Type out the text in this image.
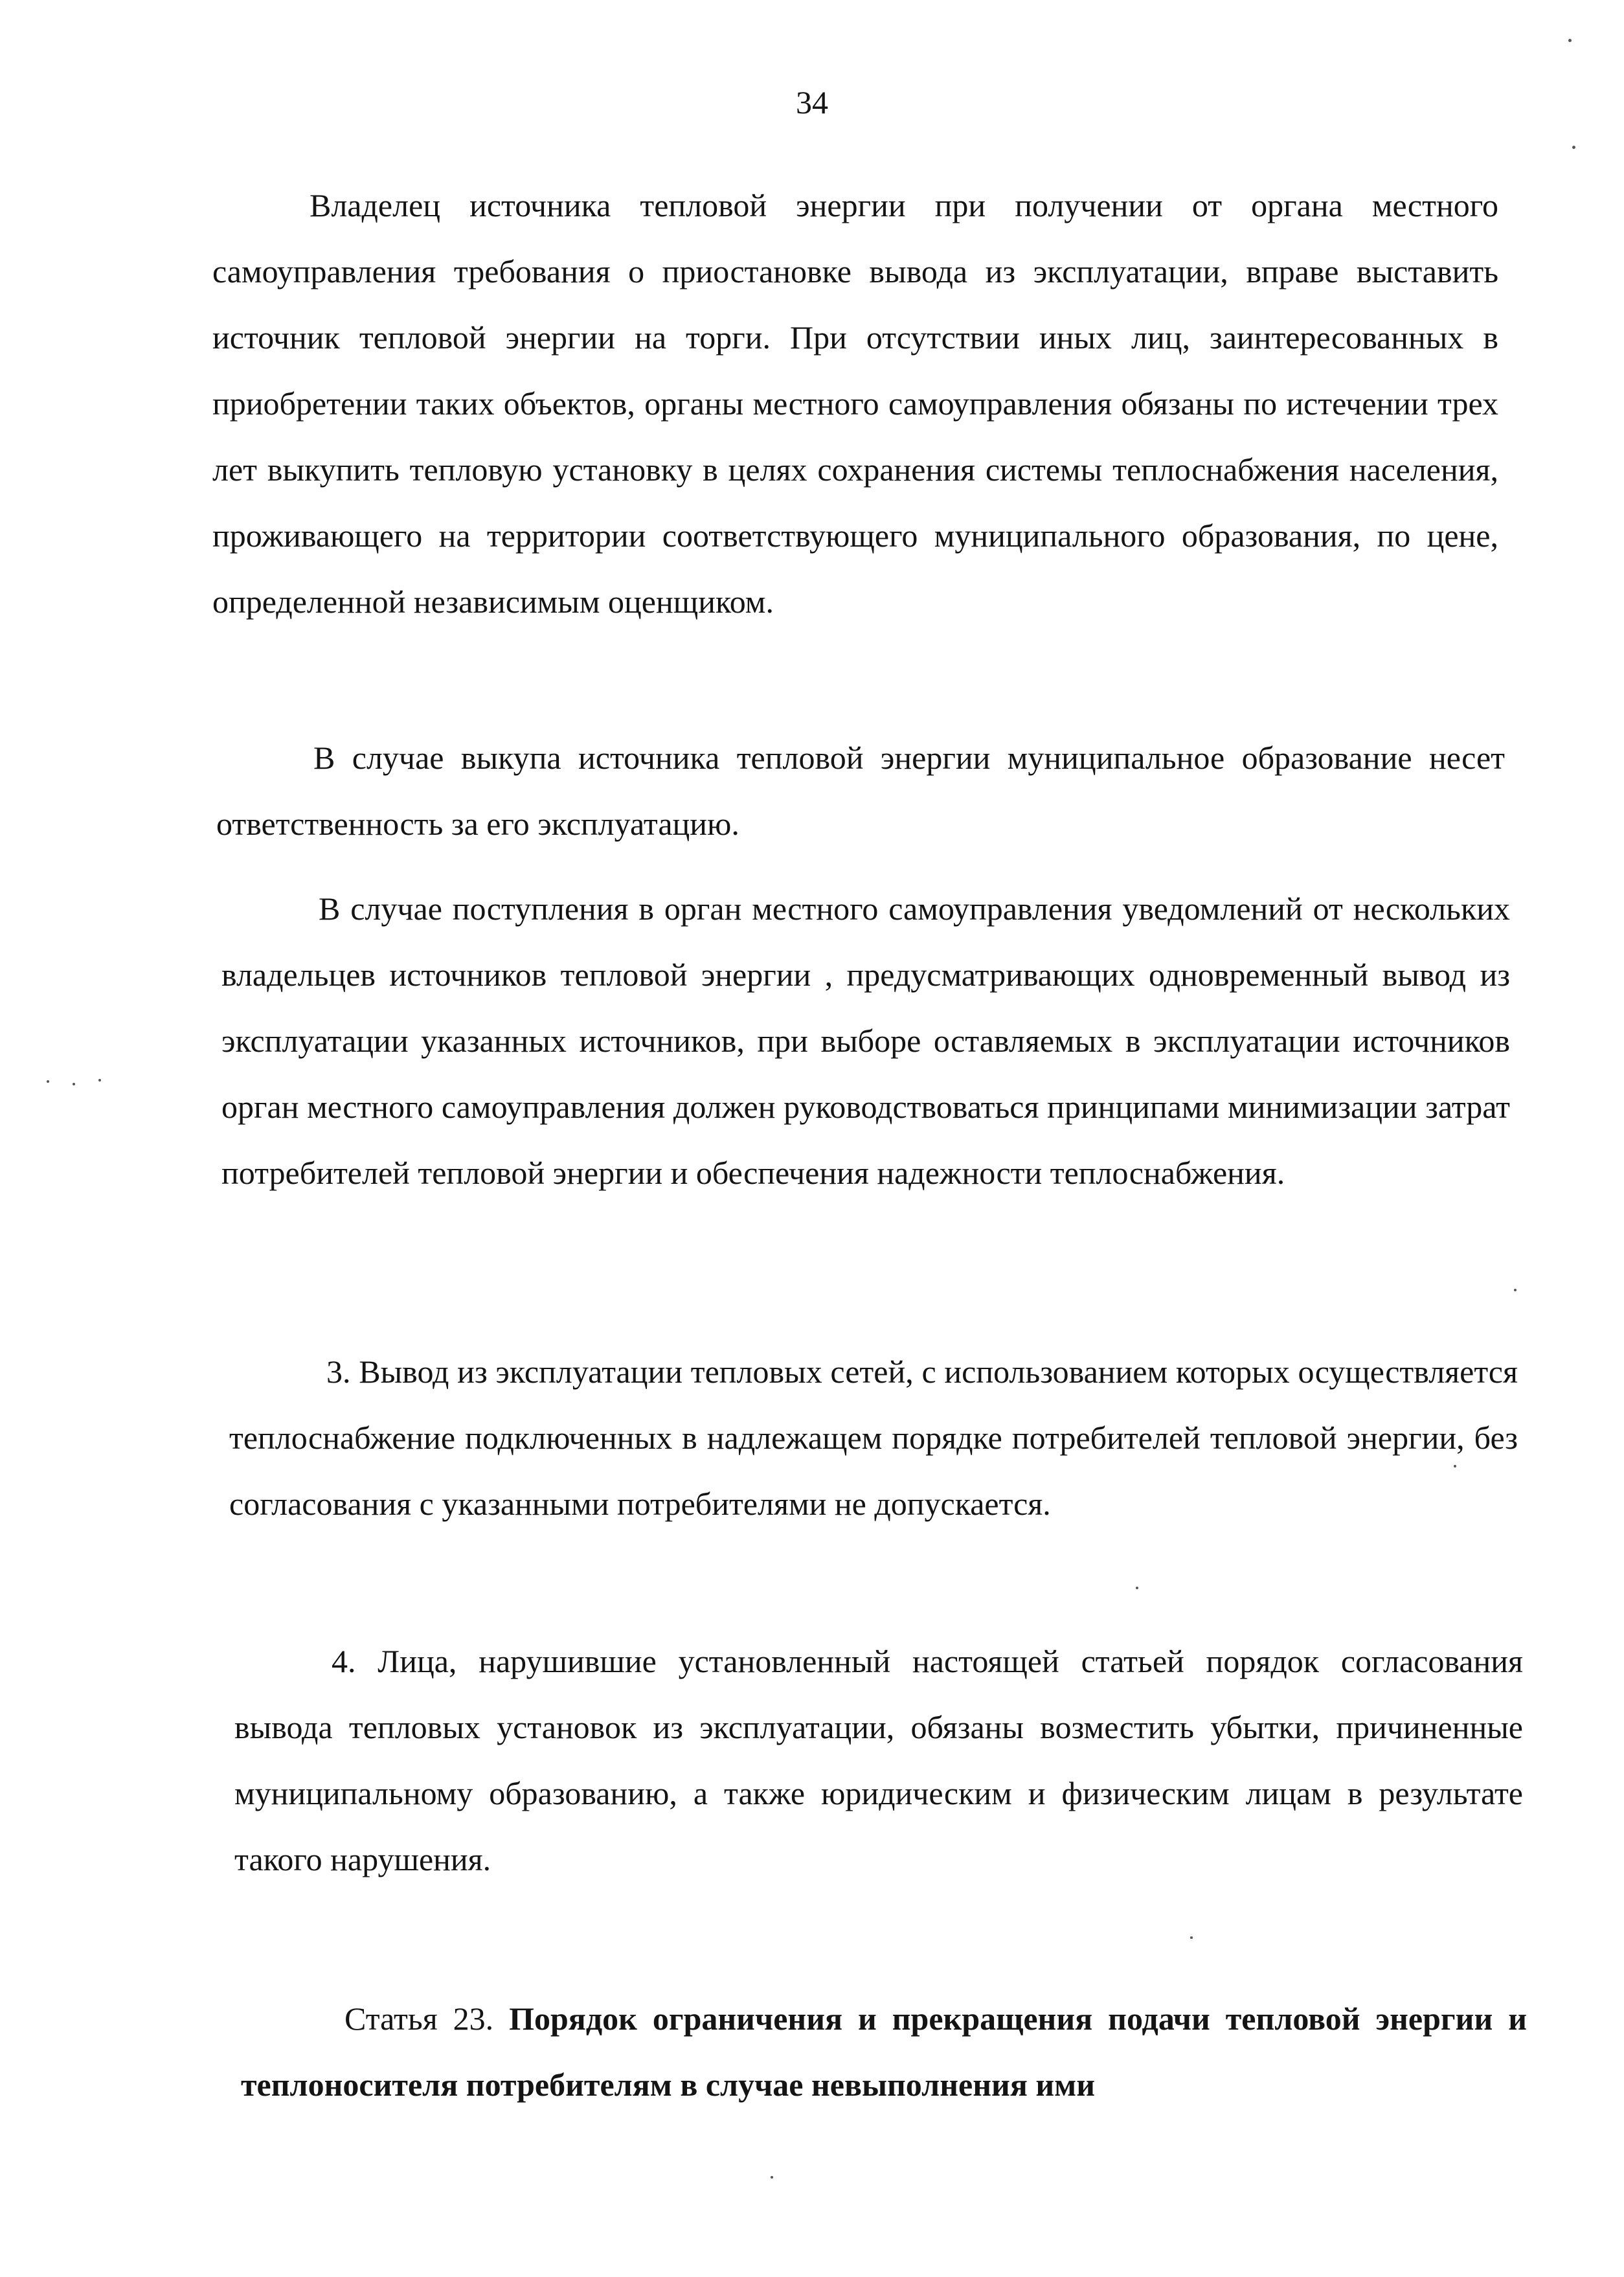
34

Владелец источника тепловой энергии при получении от органа местного самоуправления требования о приостановке вывода из эксплуатации, вправе выставить источник тепловой энергии на торги. При отсутствии иных лиц, заинтересованных в приобретении таких объектов, органы местного самоуправления обязаны по истечении трех лет выкупить тепловую установку в целях сохранения системы теплоснабжения населения, проживающего на территории соответствующего муниципального образования, по цене, определенной независимым оценщиком.

В случае выкупа источника тепловой энергии муниципальное образование несет ответственность за его эксплуатацию.

В случае поступления в орган местного самоуправления уведомлений от нескольких владельцев источников тепловой энергии , предусматривающих одновременный вывод из эксплуатации указанных источников, при выборе оставляемых в эксплуатации источников орган местного самоуправления должен руководствоваться принципами минимизации затрат потребителей тепловой энергии и обеспечения надежности теплоснабжения.

3. Вывод из эксплуатации тепловых сетей, с использованием которых осуществляется теплоснабжение подключенных в надлежащем порядке потребителей тепловой энергии, без согласования с указанными потребителями не допускается.

4. Лица, нарушившие установленный настоящей статьей порядок согласования вывода тепловых установок из эксплуатации, обязаны возместить убытки, причиненные муниципальному образованию, а также юридическим и физическим лицам в результате такого нарушения.

Статья 23. Порядок ограничения и прекращения подачи тепловой энергии и теплоносителя потребителям в случае невыполнения ими
